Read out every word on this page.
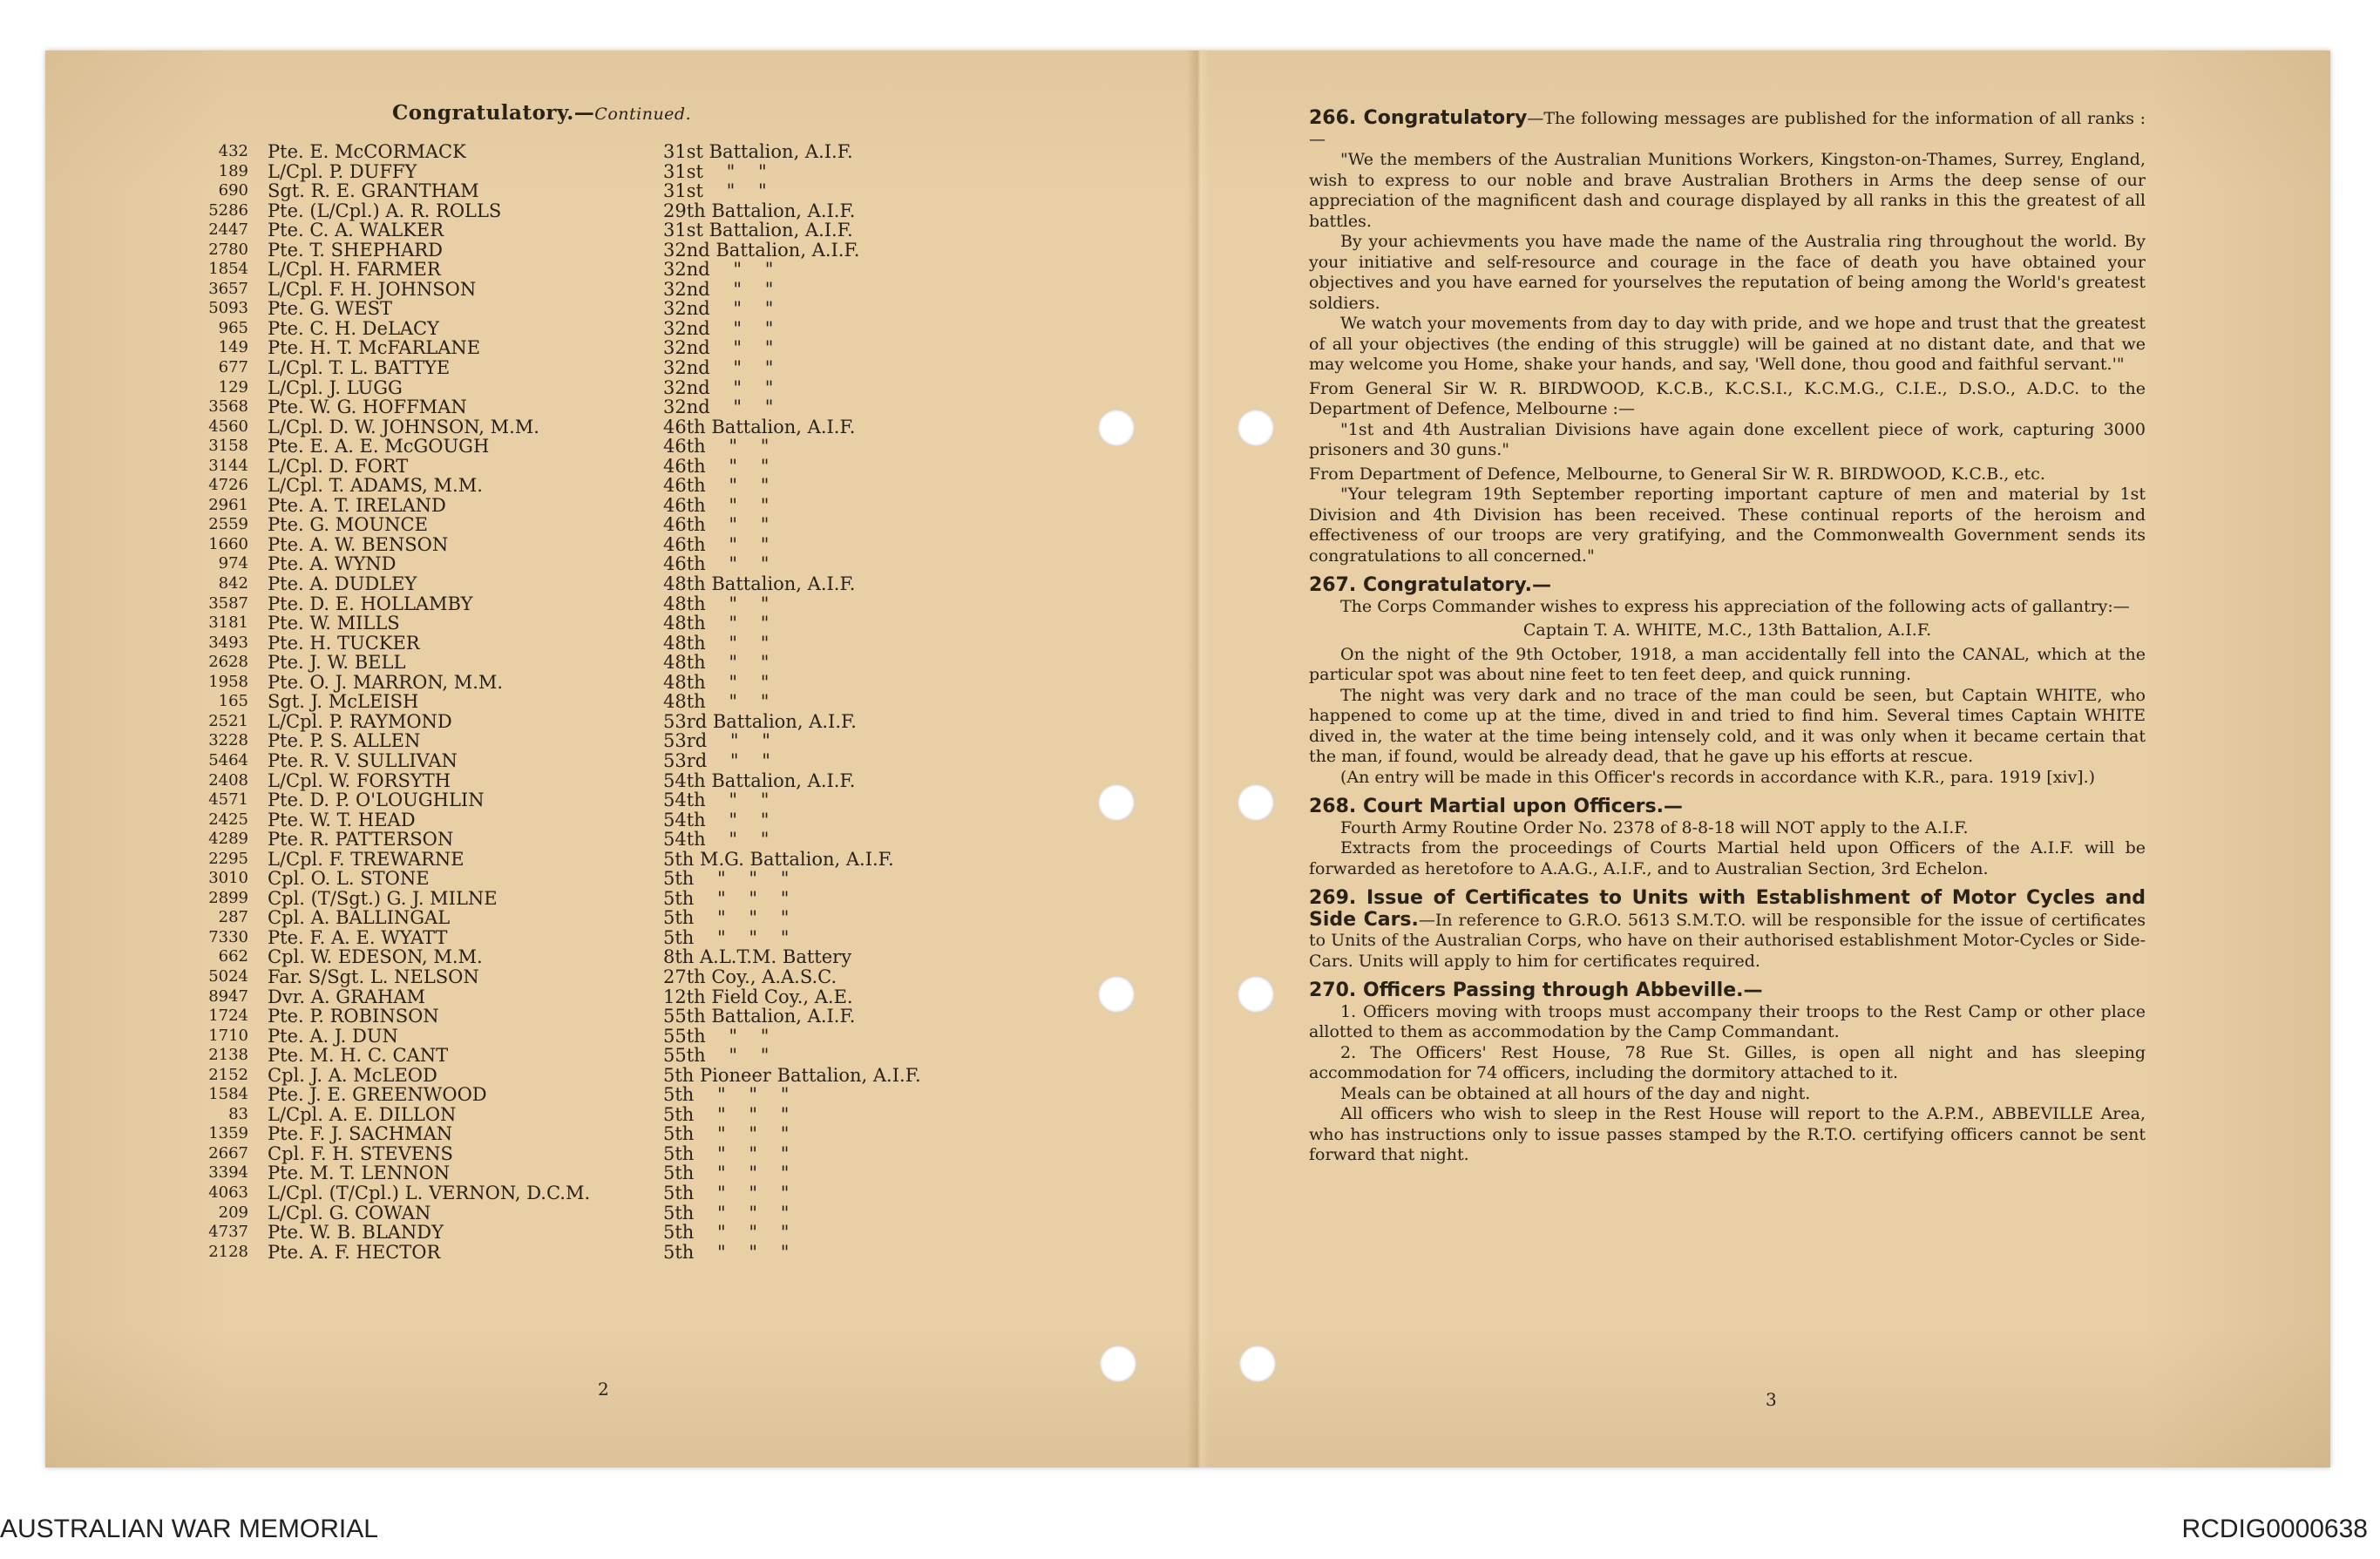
Congratulatory.—Continued.
432 Pte. E. McCORMACK	31st Battalion, A.I.F.
189 L/Cpl. P. DUFFY	31st    "    "
690 Sgt. R. E. GRANTHAM	31st    "    "
5286 Pte. (L/Cpl.) A. R. ROLLS	29th Battalion, A.I.F.
2447 Pte. C. A. WALKER	31st Battalion, A.I.F.
2780 Pte. T. SHEPHARD	32nd Battalion, A.I.F.
1854 L/Cpl. H. FARMER	32nd    "    "
3657 L/Cpl. F. H. JOHNSON	32nd    "    "
5093 Pte. G. WEST	32nd    "    "
965 Pte. C. H. DeLACY	32nd    "    "
149 Pte. H. T. McFARLANE	32nd    "    "
677 L/Cpl. T. L. BATTYE	32nd    "    "
129 L/Cpl. J. LUGG	32nd    "    "
3568 Pte. W. G. HOFFMAN	32nd    "    "
4560 L/Cpl. D. W. JOHNSON, M.M.	46th Battalion, A.I.F.
3158 Pte. E. A. E. McGOUGH	46th    "    "
3144 L/Cpl. D. FORT	46th    "    "
4726 L/Cpl. T. ADAMS, M.M.	46th    "    "
2961 Pte. A. T. IRELAND	46th    "    "
2559 Pte. G. MOUNCE	46th    "    "
1660 Pte. A. W. BENSON	46th    "    "
974 Pte. A. WYND	46th    "    "
842 Pte. A. DUDLEY	48th Battalion, A.I.F.
3587 Pte. D. E. HOLLAMBY	48th    "    "
3181 Pte. W. MILLS	48th    "    "
3493 Pte. H. TUCKER	48th    "    "
2628 Pte. J. W. BELL	48th    "    "
1958 Pte. O. J. MARRON, M.M.	48th    "    "
165 Sgt. J. McLEISH	48th    "    "
2521 L/Cpl. P. RAYMOND	53rd Battalion, A.I.F.
3228 Pte. P. S. ALLEN	53rd    "    "
5464 Pte. R. V. SULLIVAN	53rd    "    "
2408 L/Cpl. W. FORSYTH	54th Battalion, A.I.F.
4571 Pte. D. P. O'LOUGHLIN	54th    "    "
2425 Pte. W. T. HEAD	54th    "    "
4289 Pte. R. PATTERSON	54th    "    "
2295 L/Cpl. F. TREWARNE	5th M.G. Battalion, A.I.F.
3010 Cpl. O. L. STONE	5th    "    "    "
2899 Cpl. (T/Sgt.) G. J. MILNE	5th    "    "    "
287 Cpl. A. BALLINGAL	5th    "    "    "
7330 Pte. F. A. E. WYATT	5th    "    "    "
662 Cpl. W. EDESON, M.M.	8th A.L.T.M. Battery
5024 Far. S/Sgt. L. NELSON	27th Coy., A.A.S.C.
8947 Dvr. A. GRAHAM	12th Field Coy., A.E.
1724 Pte. P. ROBINSON	55th Battalion, A.I.F.
1710 Pte. A. J. DUN	55th    "    "
2138 Pte. M. H. C. CANT	55th    "    "
2152 Cpl. J. A. McLEOD	5th Pioneer Battalion, A.I.F.
1584 Pte. J. E. GREENWOOD	5th    "    "    "
83 L/Cpl. A. E. DILLON	5th    "    "    "
1359 Pte. F. J. SACHMAN	5th    "    "    "
2667 Cpl. F. H. STEVENS	5th    "    "    "
3394 Pte. M. T. LENNON	5th    "    "    "
4063 L/Cpl. (T/Cpl.) L. VERNON, D.C.M.	5th    "    "    "
209 L/Cpl. G. COWAN	5th    "    "    "
4737 Pte. W. B. BLANDY	5th    "    "    "
2128 Pte. A. F. HECTOR	5th    "    "    "
2

266. Congratulatory—The following messages are published for the information of all ranks :—

"We the members of the Australian Munitions Workers, Kingston-on-Thames, Surrey, England, wish to express to our noble and brave Australian Brothers in Arms the deep sense of our appreciation of the magnificent dash and courage displayed by all ranks in this the greatest of all battles.

By your achievments you have made the name of the Australia ring throughout the world. By your initiative and self-resource and courage in the face of death you have obtained your objectives and you have earned for yourselves the reputation of being among the World's greatest soldiers.

We watch your movements from day to day with pride, and we hope and trust that the greatest of all your objectives (the ending of this struggle) will be gained at no distant date, and that we may welcome you Home, shake your hands, and say, 'Well done, thou good and faithful servant.'"

From General Sir W. R. BIRDWOOD, K.C.B., K.C.S.I., K.C.M.G., C.I.E., D.S.O., A.D.C. to the Department of Defence, Melbourne :—

"1st and 4th Australian Divisions have again done excellent piece of work, capturing 3000 prisoners and 30 guns."

From Department of Defence, Melbourne, to General Sir W. R. BIRDWOOD, K.C.B., etc.

"Your telegram 19th September reporting important capture of men and material by 1st Division and 4th Division has been received. These continual reports of the heroism and effectiveness of our troops are very gratifying, and the Commonwealth Government sends its congratulations to all concerned."

267. Congratulatory.—

The Corps Commander wishes to express his appreciation of the following acts of gallantry:—

Captain T. A. WHITE, M.C., 13th Battalion, A.I.F.

On the night of the 9th October, 1918, a man accidentally fell into the CANAL, which at the particular spot was about nine feet to ten feet deep, and quick running.

The night was very dark and no trace of the man could be seen, but Captain WHITE, who happened to come up at the time, dived in and tried to find him. Several times Captain WHITE dived in, the water at the time being intensely cold, and it was only when it became certain that the man, if found, would be already dead, that he gave up his efforts at rescue.

(An entry will be made in this Officer's records in accordance with K.R., para. 1919 [xiv].)

268. Court Martial upon Officers.—

Fourth Army Routine Order No. 2378 of 8-8-18 will NOT apply to the A.I.F.

Extracts from the proceedings of Courts Martial held upon Officers of the A.I.F. will be forwarded as heretofore to A.A.G., A.I.F., and to Australian Section, 3rd Echelon.

269. Issue of Certificates to Units with Establishment of Motor Cycles and Side Cars.—In reference to G.R.O. 5613 S.M.T.O. will be responsible for the issue of certificates to Units of the Australian Corps, who have on their authorised establishment Motor-Cycles or Side-Cars. Units will apply to him for certificates required.

270. Officers Passing through Abbeville.—

1. Officers moving with troops must accompany their troops to the Rest Camp or other place allotted to them as accommodation by the Camp Commandant.

2. The Officers' Rest House, 78 Rue St. Gilles, is open all night and has sleeping accommodation for 74 officers, including the dormitory attached to it.

Meals can be obtained at all hours of the day and night.

All officers who wish to sleep in the Rest House will report to the A.P.M., ABBEVILLE Area, who has instructions only to issue passes stamped by the R.T.O. certifying officers cannot be sent forward that night.

3
AUSTRALIAN WAR MEMORIAL	RCDIG0000638
